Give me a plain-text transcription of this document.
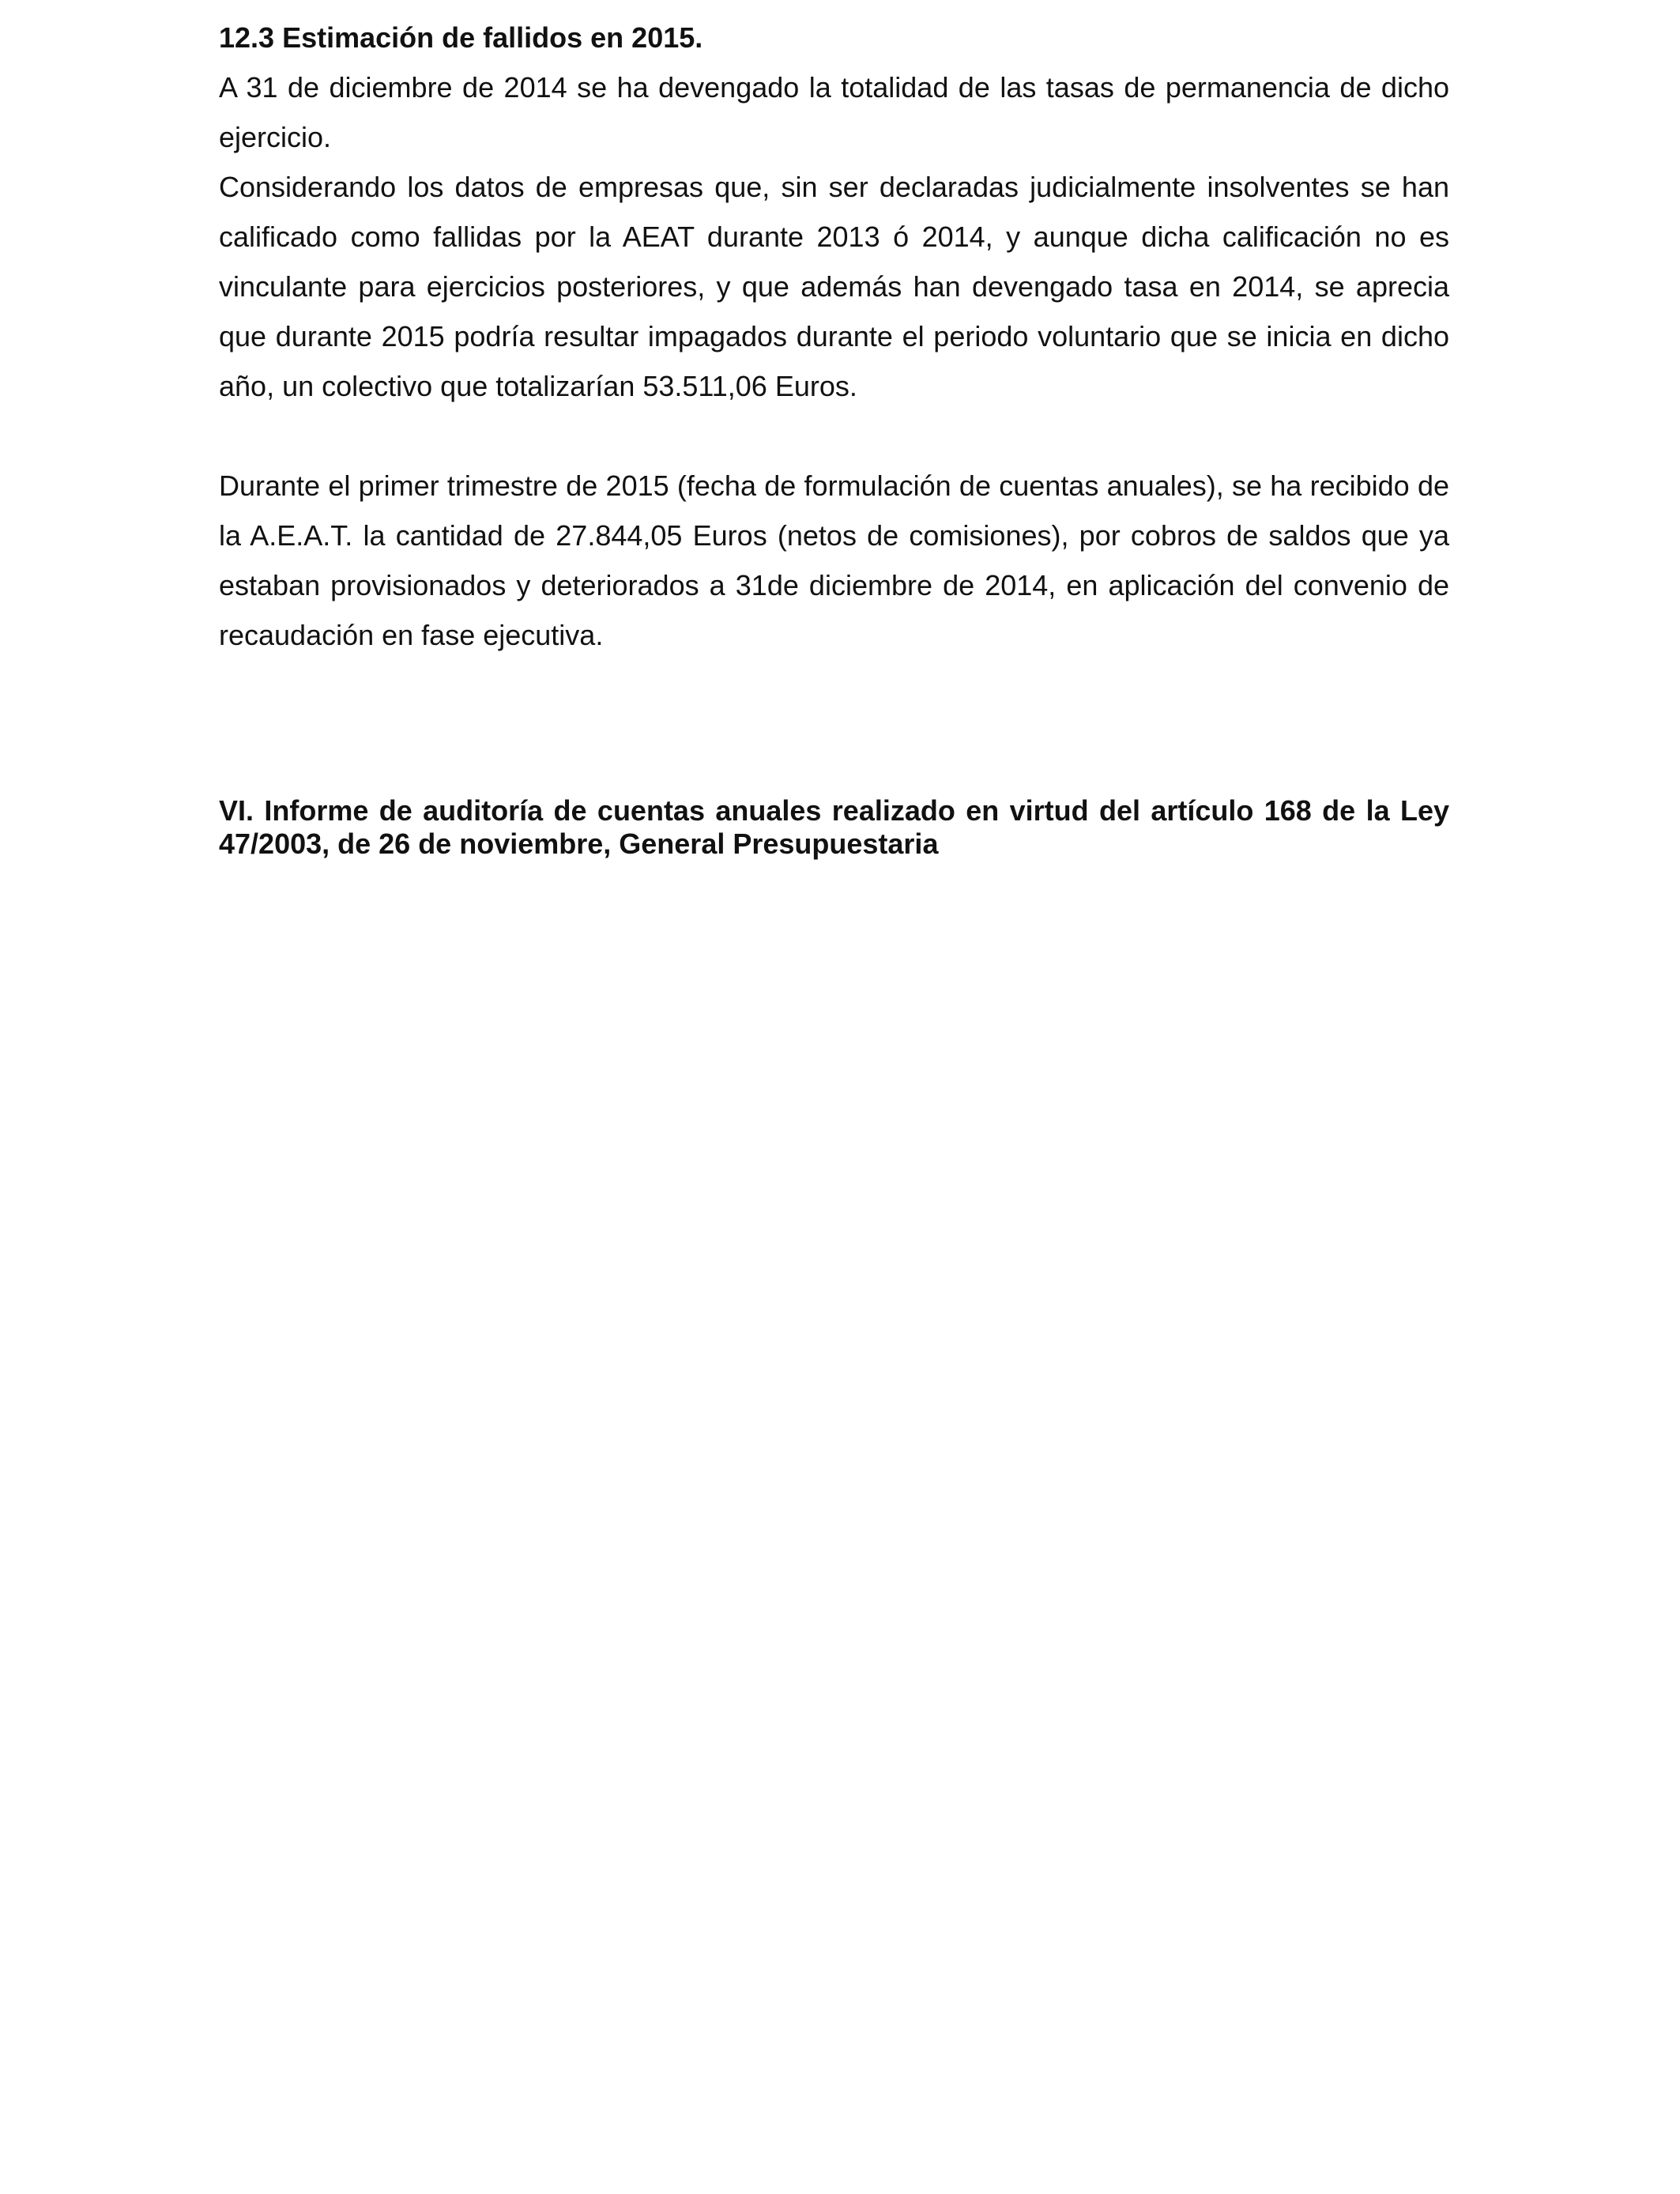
12.3 Estimación de fallidos en 2015.

A 31 de diciembre de 2014 se ha devengado la totalidad de las tasas de permanencia de dicho ejercicio.

Considerando los datos de empresas que, sin ser declaradas judicialmente insolventes se han calificado como fallidas por la AEAT durante 2013 ó 2014, y aunque dicha calificación no es vinculante para ejercicios posteriores, y que además han devengado tasa en 2014, se aprecia que durante 2015 podría resultar impagados durante el periodo voluntario que se inicia en dicho año, un colectivo que totalizarían 53.511,06 Euros.

Durante el primer trimestre de 2015 (fecha de formulación de cuentas anuales), se ha recibido de la A.E.A.T. la cantidad de 27.844,05 Euros (netos de comisiones), por cobros de saldos que ya estaban provisionados y deteriorados a 31de diciembre de 2014, en aplicación del convenio de recaudación en fase ejecutiva.

VI. Informe de auditoría de cuentas anuales realizado en virtud del artículo 168 de la Ley 47/2003, de 26 de noviembre, General Presupuestaria
